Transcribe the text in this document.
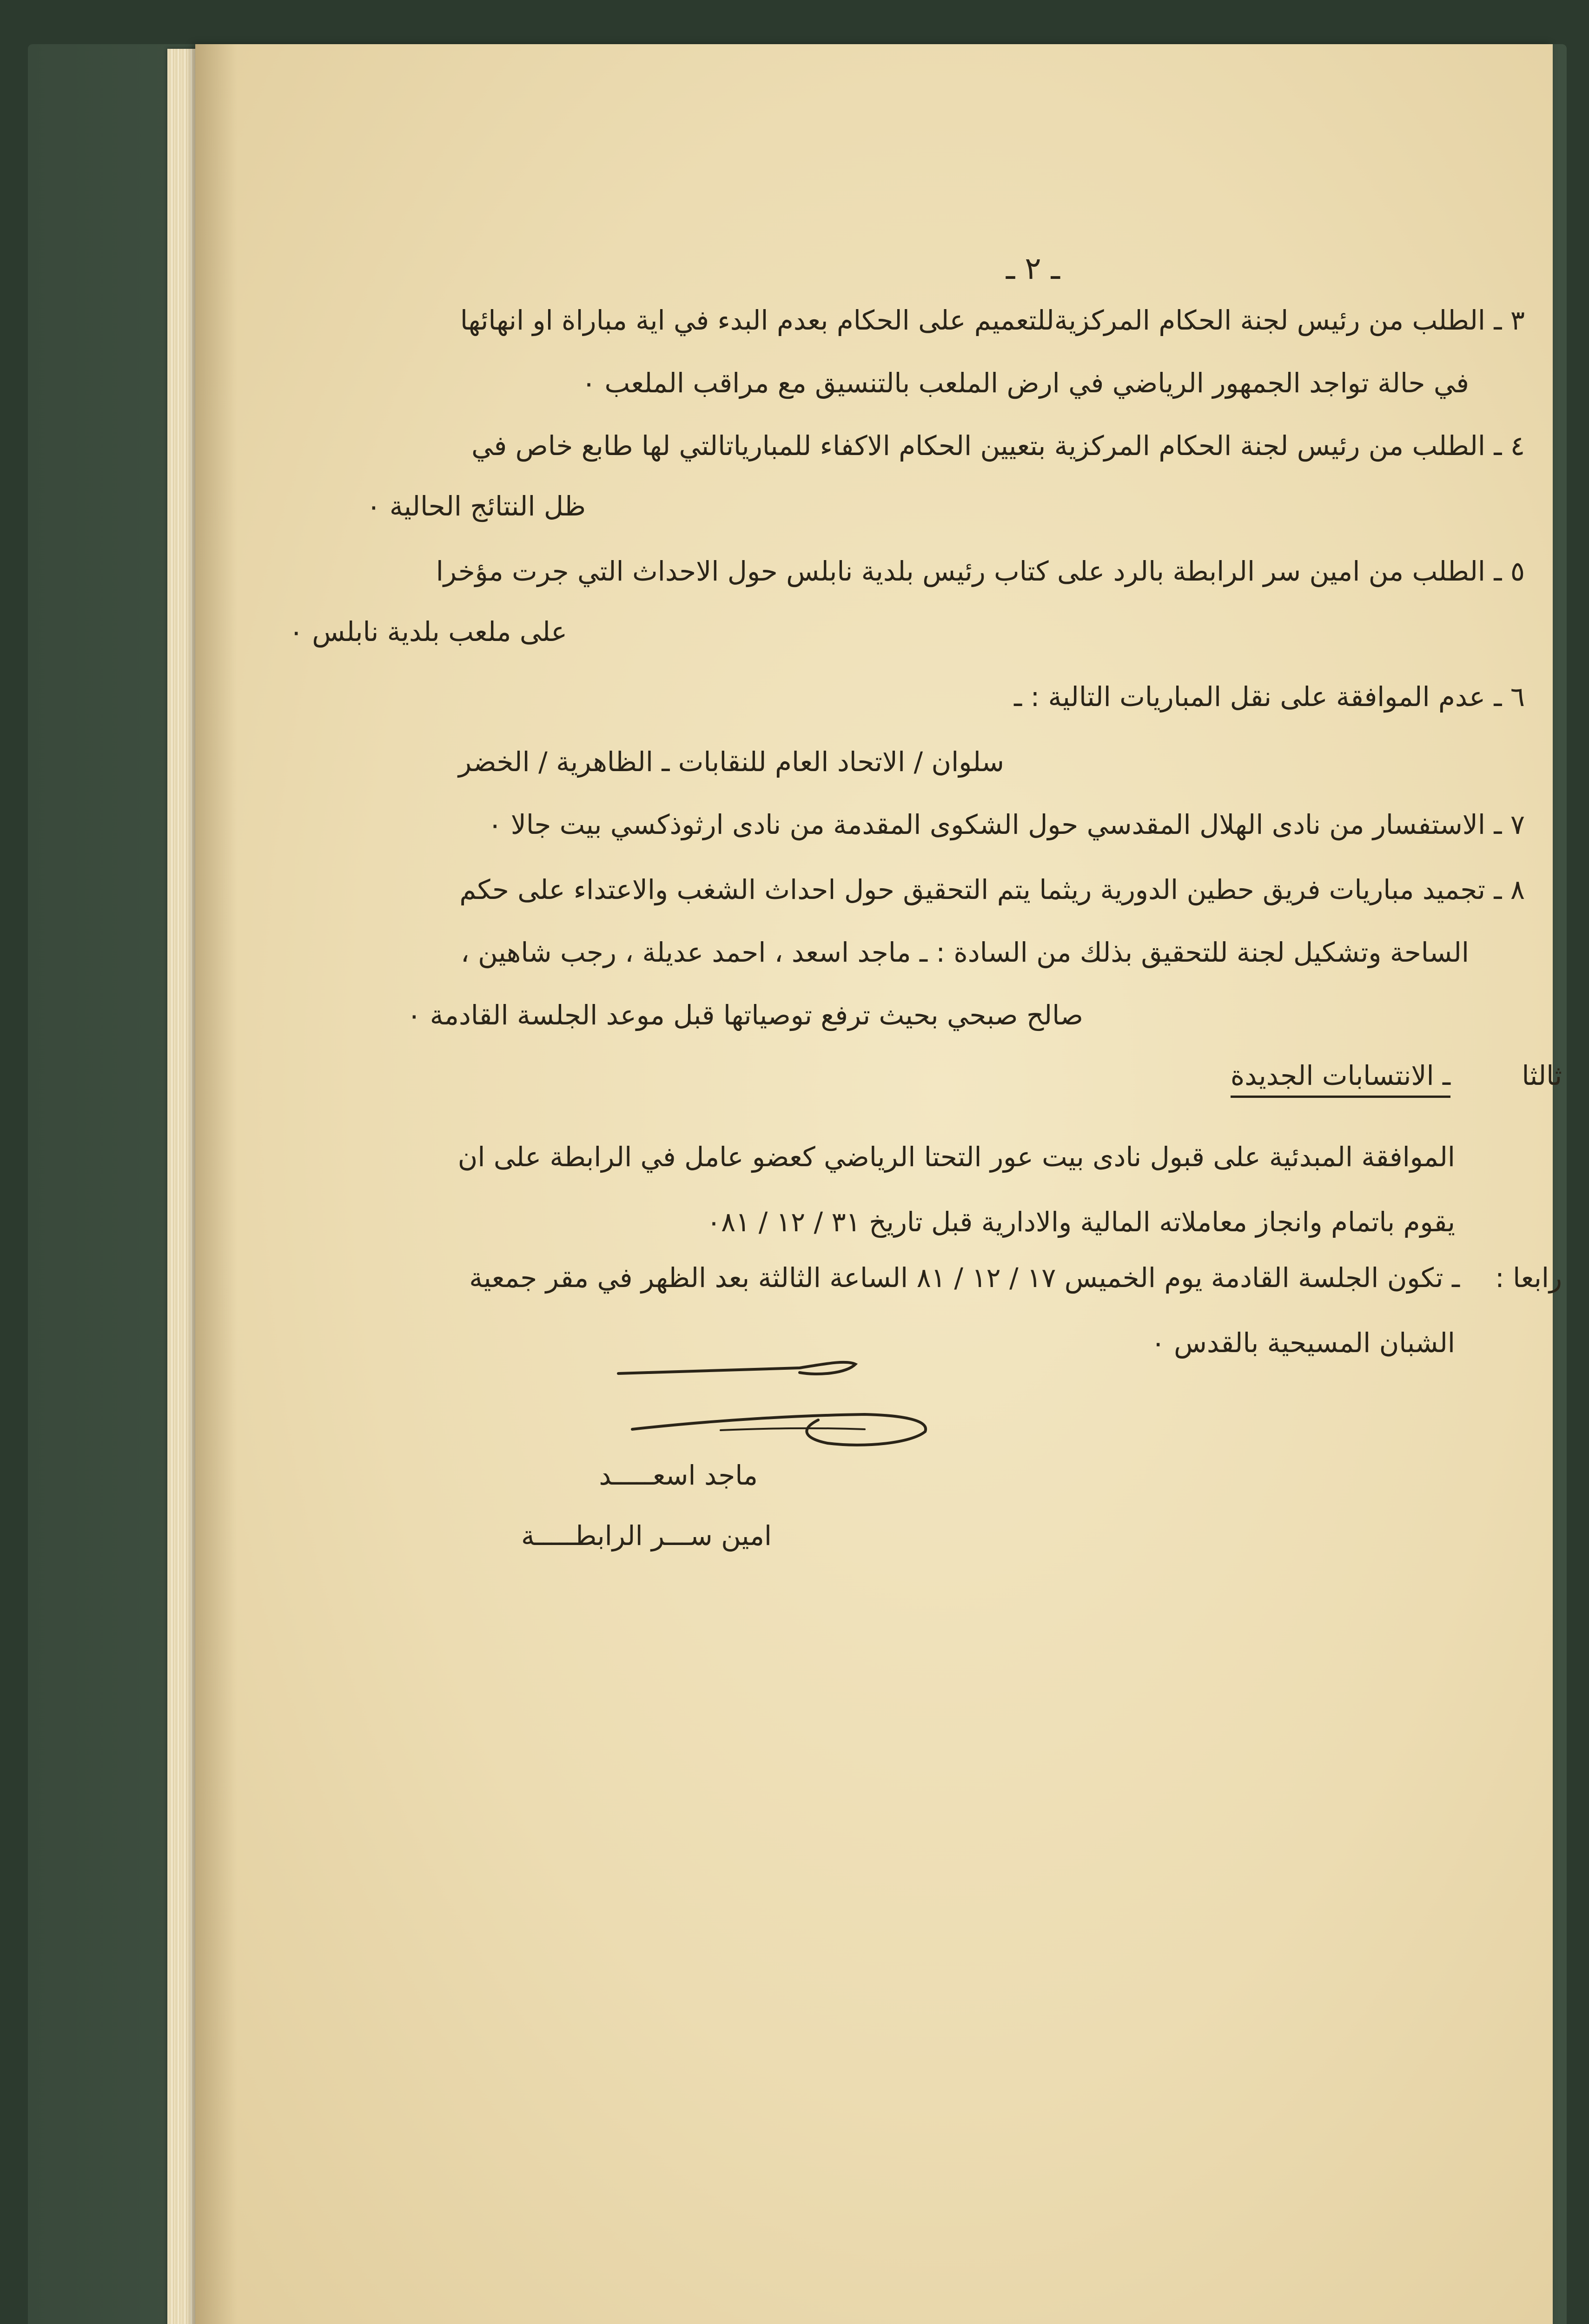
ـ ٢ ـ
٣ ـ الطلب من رئيس لجنة الحكام المركزيةللتعميم على الحكام بعدم البدء في اية مباراة او انهائها
في حالة تواجد الجمهور الرياضي في ارض الملعب بالتنسيق مع مراقب الملعب ٠
٤ ـ الطلب من رئيس لجنة الحكام المركزية بتعيين الحكام الاكفاء للمبارياتالتي لها طابع خاص في
ظل النتائج الحالية ٠
٥ ـ الطلب من امين سر الرابطة بالرد على كتاب رئيس بلدية نابلس حول الاحداث التي جرت مؤخرا
على ملعب بلدية نابلس ٠
٦ ـ عدم الموافقة على نقل المباريات التالية : ـ
سلوان / الاتحاد العام للنقابات ـ الظاهرية / الخضر
٧ ـ الاستفسار من نادى الهلال المقدسي حول الشكوى المقدمة من نادى ارثوذكسي بيت جالا ٠
٨ ـ تجميد مباريات فريق حطين الدورية ريثما يتم التحقيق حول احداث الشغب والاعتداء على حكم
الساحة وتشكيل لجنة للتحقيق بذلك من السادة : ـ ماجد اسعد ، احمد عديلة ، رجب شاهين ،
صالح صبحي بحيث ترفع توصياتها قبل موعد الجلسة القادمة ٠
ثالثا
ـ الانتسابات الجديدة
الموافقة المبدئية على قبول نادى بيت عور التحتا الرياضي كعضو عامل في الرابطة على ان
يقوم باتمام وانجاز معاملاته المالية والادارية قبل تاريخ ٣١ / ١٢ / ٠٨١
رابعا :
ـ تكون الجلسة القادمة يوم الخميس ١٧ / ١٢ / ٨١ الساعة الثالثة بعد الظهر في مقر جمعية
الشبان المسيحية بالقدس ٠
ماجد اسعـــــد
امين ســـر الرابطـــــة
